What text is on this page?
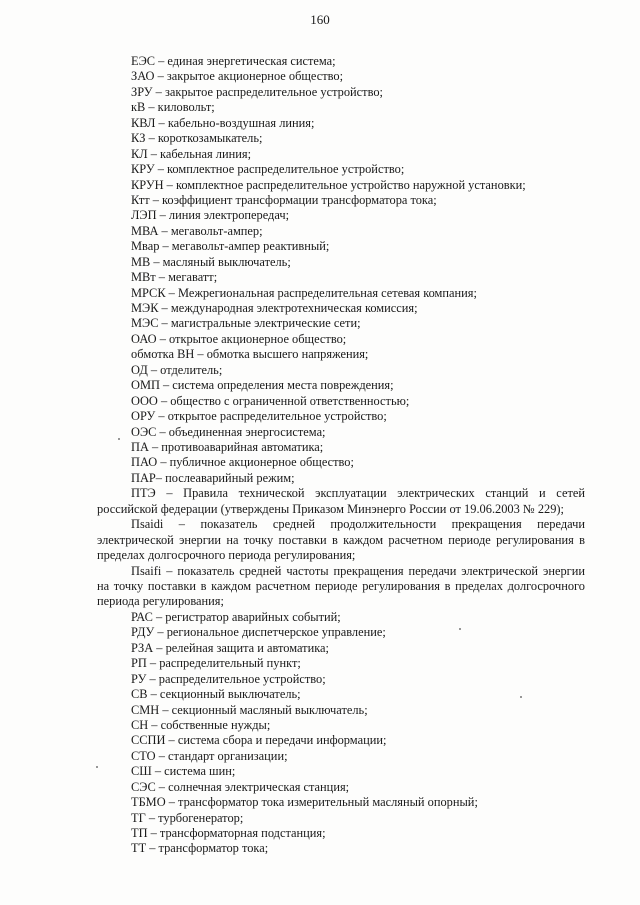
160
ЕЭС – единая энергетическая система;
ЗАО – закрытое акционерное общество;
ЗРУ – закрытое распределительное устройство;
кВ – киловольт;
КВЛ – кабельно-воздушная линия;
КЗ – короткозамыкатель;
КЛ – кабельная линия;
КРУ – комплектное распределительное устройство;
КРУН – комплектное распределительное устройство наружной установки;
Ктт – коэффициент трансформации трансформатора тока;
ЛЭП – линия электропередач;
МВА – мегавольт-ампер;
Мвар – мегавольт-ампер реактивный;
МВ – масляный выключатель;
МВт – мегаватт;
МРСК – Межрегиональная распределительная сетевая компания;
МЭК – международная электротехническая комиссия;
МЭС – магистральные электрические сети;
ОАО – открытое акционерное общество;
обмотка ВН – обмотка высшего напряжения;
ОД – отделитель;
ОМП – система определения места повреждения;
ООО – общество с ограниченной ответственностью;
ОРУ – открытое распределительное устройство;
ОЭС – объединенная энергосистема;
ПА – противоаварийная автоматика;
ПАО – публичное акционерное общество;
ПАР– послеаварийный режим;

ПТЭ – Правила технической эксплуатации электрических станций и сетей российской федерации (утверждены Приказом Минэнерго России от 19.06.2003 № 229);

Пsaidi – показатель средней продолжительности прекращения передачи электрической энергии на точку поставки в каждом расчетном периоде регулирования в пределах долгосрочного периода регулирования;

Пsaifi – показатель средней частоты прекращения передачи электрической энергии на точку поставки в каждом расчетном периоде регулирования в пределах долгосрочного периода регулирования;

РАС – регистратор аварийных событий;
РДУ – региональное диспетчерское управление;
РЗА – релейная защита и автоматика;
РП – распределительный пункт;
РУ – распределительное устройство;
СВ – секционный выключатель;
СМН – секционный масляный выключатель;
СН – собственные нужды;
ССПИ – система сбора и передачи информации;
СТО – стандарт организации;
СШ – система шин;
СЭС – солнечная электрическая станция;
ТБМО – трансформатор тока измерительный масляный опорный;
ТГ – турбогенератор;
ТП – трансформаторная подстанция;
ТТ – трансформатор тока;
